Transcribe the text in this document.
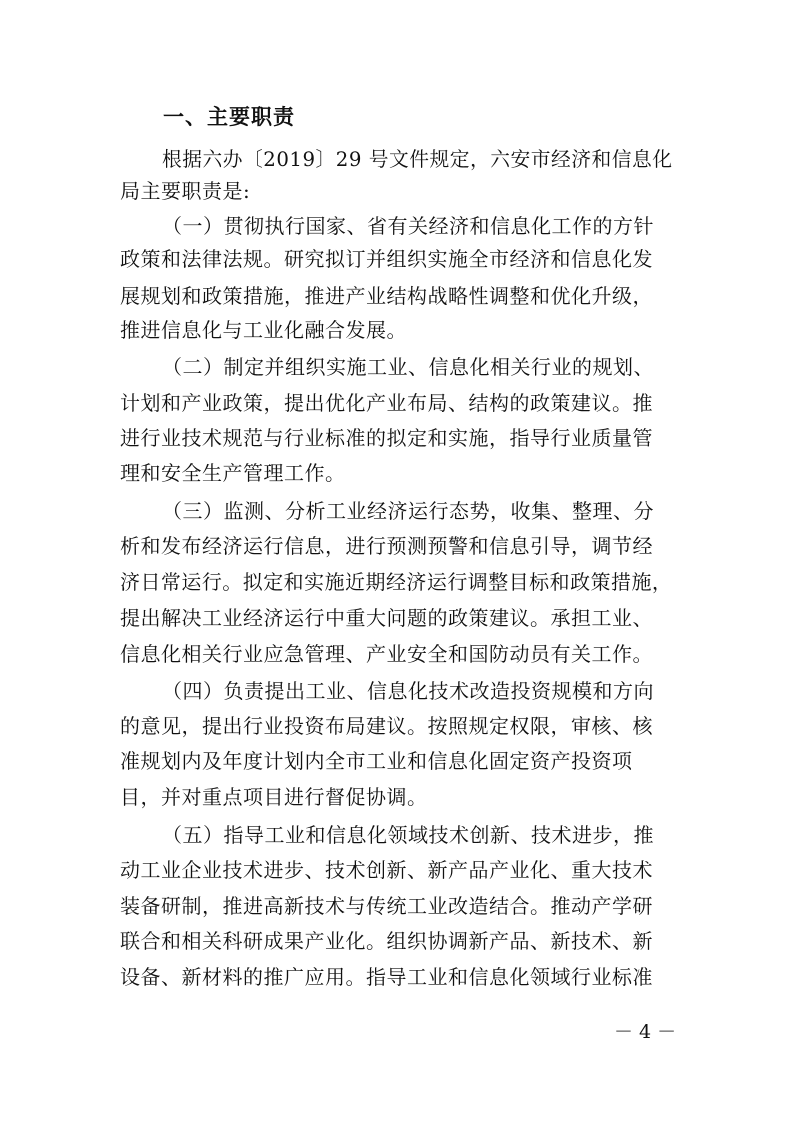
一、主要职责
根据六办〔2019〕29 号文件规定，六安市经济和信息化
局主要职责是:
（一）贯彻执行国家、省有关经济和信息化工作的方针
政策和法律法规。研究拟订并组织实施全市经济和信息化发
展规划和政策措施，推进产业结构战略性调整和优化升级，
推进信息化与工业化融合发展。
（二）制定并组织实施工业、信息化相关行业的规划、
计划和产业政策，提出优化产业布局、结构的政策建议。推
进行业技术规范与行业标准的拟定和实施，指导行业质量管
理和安全生产管理工作。
（三）监测、分析工业经济运行态势，收集、整理、分
析和发布经济运行信息，进行预测预警和信息引导，调节经
济日常运行。拟定和实施近期经济运行调整目标和政策措施，
提出解决工业经济运行中重大问题的政策建议。承担工业、
信息化相关行业应急管理、产业安全和国防动员有关工作。
（四）负责提出工业、信息化技术改造投资规模和方向
的意见，提出行业投资布局建议。按照规定权限，审核、核
准规划内及年度计划内全市工业和信息化固定资产投资项
目，并对重点项目进行督促协调。
（五）指导工业和信息化领域技术创新、技术进步，推
动工业企业技术进步、技术创新、新产品产业化、重大技术
装备研制，推进高新技术与传统工业改造结合。推动产学研
联合和相关科研成果产业化。组织协调新产品、新技术、新
设备、新材料的推广应用。指导工业和信息化领域行业标准
－ 4 －
